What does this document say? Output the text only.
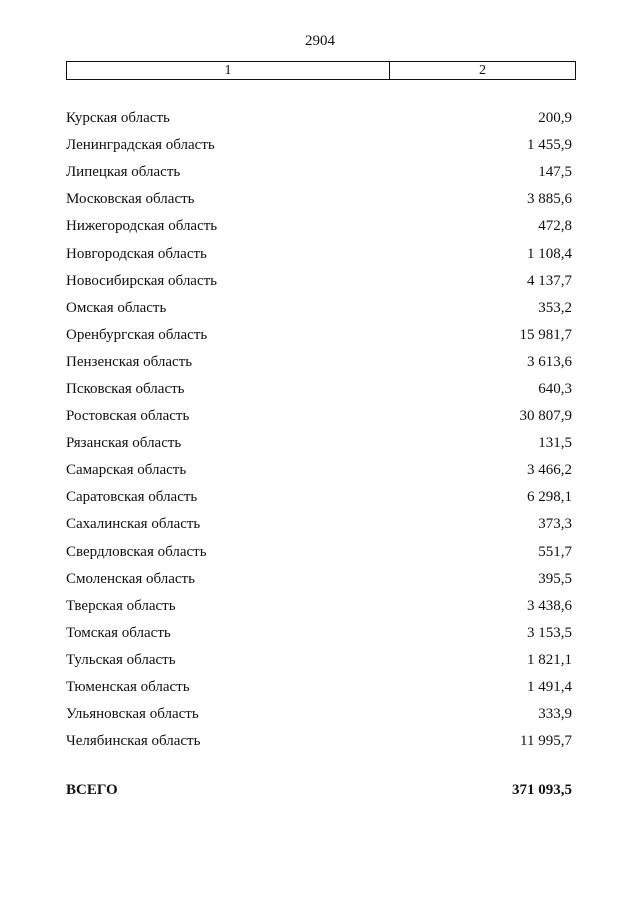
2904
1	2
Курская область	200,9
Ленинградская область	1 455,9
Липецкая область	147,5
Московская область	3 885,6
Нижегородская область	472,8
Новгородская область	1 108,4
Новосибирская область	4 137,7
Омская область	353,2
Оренбургская область	15 981,7
Пензенская область	3 613,6
Псковская область	640,3
Ростовская область	30 807,9
Рязанская область	131,5
Самарская область	3 466,2
Саратовская область	6 298,1
Сахалинская область	373,3
Свердловская область	551,7
Смоленская область	395,5
Тверская область	3 438,6
Томская область	3 153,5
Тульская область	1 821,1
Тюменская область	1 491,4
Ульяновская область	333,9
Челябинская область	11 995,7
ВСЕГО	371 093,5
